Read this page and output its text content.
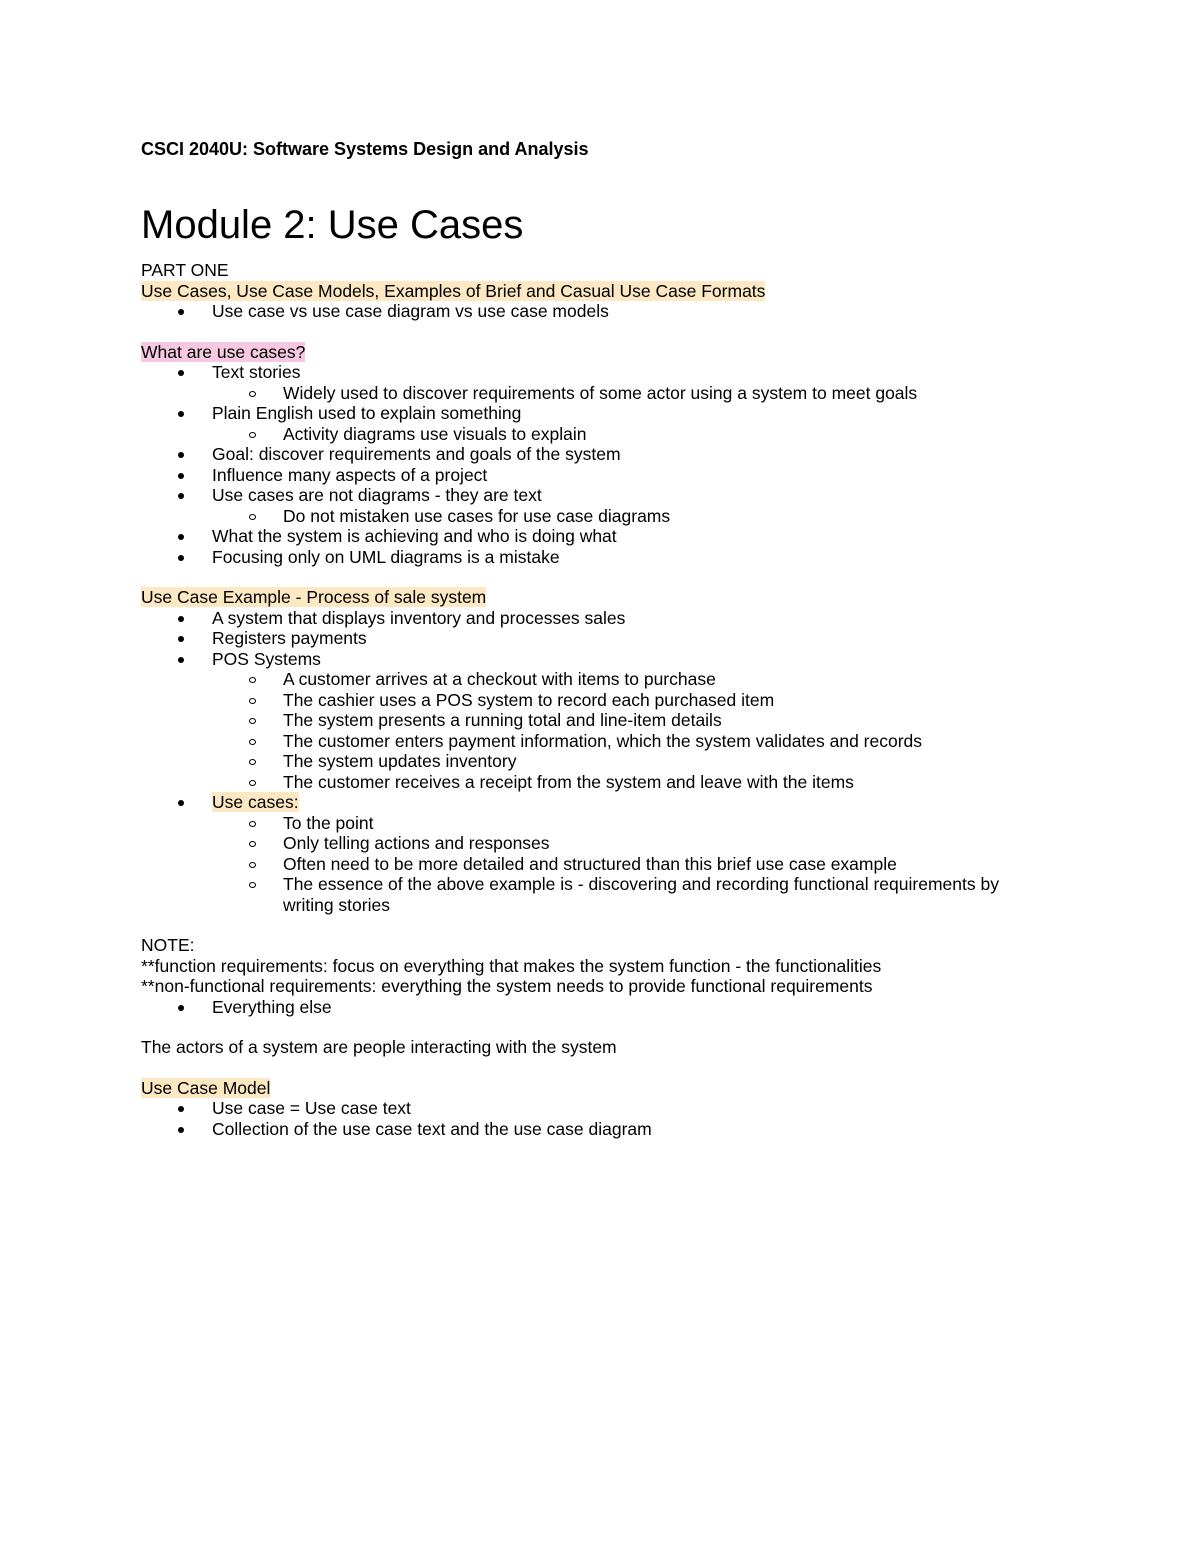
CSCI 2040U: Software Systems Design and Analysis

Module 2: Use Cases

PART ONE

Use Cases, Use Case Models, Examples of Brief and Casual Use Case Formats

Use case vs use case diagram vs use case models

What are use cases?

Text stories
Widely used to discover requirements of some actor using a system to meet goals
Plain English used to explain something
Activity diagrams use visuals to explain
Goal: discover requirements and goals of the system
Influence many aspects of a project
Use cases are not diagrams - they are text
Do not mistaken use cases for use case diagrams
What the system is achieving and who is doing what
Focusing only on UML diagrams is a mistake

Use Case Example - Process of sale system

A system that displays inventory and processes sales
Registers payments
POS Systems
A customer arrives at a checkout with items to purchase
The cashier uses a POS system to record each purchased item
The system presents a running total and line-item details
The customer enters payment information, which the system validates and records
The system updates inventory
The customer receives a receipt from the system and leave with the items
Use cases:
To the point
Only telling actions and responses
Often need to be more detailed and structured than this brief use case example
The essence of the above example is - discovering and recording functional requirements by writing stories

NOTE:

**function requirements: focus on everything that makes the system function - the functionalities

**non-functional requirements: everything the system needs to provide functional requirements

Everything else

The actors of a system are people interacting with the system

Use Case Model

Use case = Use case text
Collection of the use case text and the use case diagram
